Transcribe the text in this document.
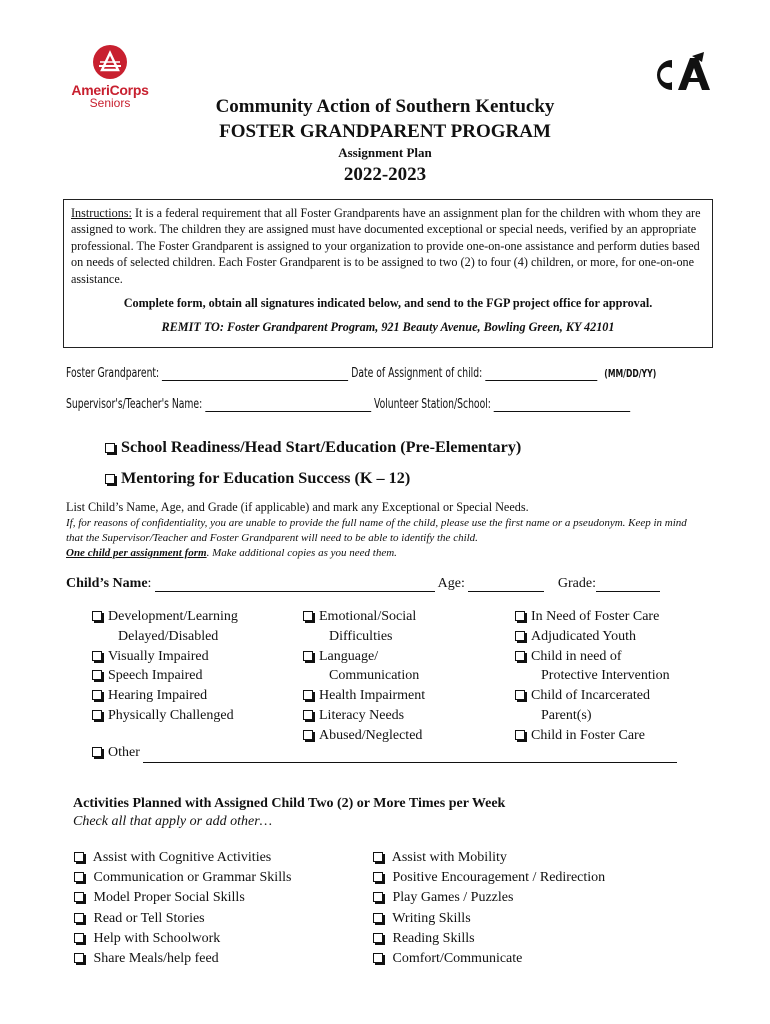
AmeriCorps
Seniors	Community Action of Southern Kentucky
FOSTER GRANDPARENT PROGRAM
Assignment Plan
2022-2023
Instructions: It is a federal requirement that all Foster Grandparents have an assignment plan for the children with whom they are assigned to work. The children they are assigned must have documented exceptional or special needs, verified by an appropriate professional. The Foster Grandparent is assigned to your organization to provide one-on-one assistance and perform duties based on needs of selected children. Each Foster Grandparent is to be assigned to two (2) to four (4) children, or more, for one-on-one assistance.
Complete form, obtain all signatures indicated below, and send to the FGP project office for approval.
REMIT TO: Foster Grandparent Program, 921 Beauty Avenue, Bowling Green, KY 42101
Foster Grandparent:	Date of Assignment of child:	(MM/DD/YY)
Supervisor's/Teacher's Name:	Volunteer Station/School:
School Readiness/Head Start/Education (Pre-Elementary)
Mentoring for Education Success (K – 12)
List Child’s Name, Age, and Grade (if applicable) and mark any Exceptional or Special Needs.
If, for reasons of confidentiality, you are unable to provide the full name of the child, please use the first name or a pseudonym. Keep in mind that the Supervisor/Teacher and Foster Grandparent will need to be able to identify the child.
One child per assignment form. Make additional copies as you need them.
Child’s Name:	Age:	Grade:
Development/Learning
Delayed/Disabled
Visually Impaired
Speech Impaired
Hearing Impaired
Physically Challenged
Emotional/Social
Difficulties
Language/
Communication
Health Impairment
Literacy Needs
Abused/Neglected
In Need of Foster Care
Adjudicated Youth
Child in need of
Protective Intervention
Child of Incarcerated
Parent(s)
Child in Foster Care
Other
Activities Planned with Assigned Child Two (2) or More Times per Week
Check all that apply or add other…
Assist with Cognitive Activities
Communication or Grammar Skills
Model Proper Social Skills
Read or Tell Stories
Help with Schoolwork
Share Meals/help feed
Assist with Mobility
Positive Encouragement / Redirection
Play Games / Puzzles
Writing Skills
Reading Skills
Comfort/Communicate
